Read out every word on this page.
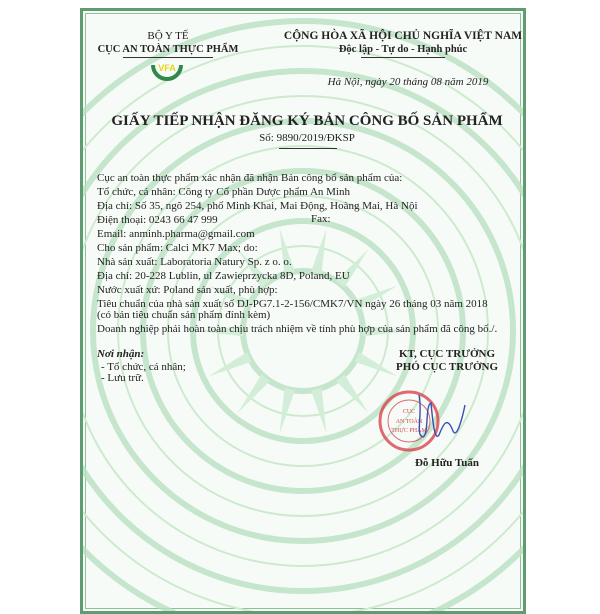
BỘ Y TẾ
CỤC AN TOÀN THỰC PHẨM
VFA
CỘNG HÒA XÃ HỘI CHỦ NGHĨA VIỆT NAM
Độc lập - Tự do - Hạnh phúc
Hà Nội, ngày 20 tháng 08 năm 2019
GIẤY TIẾP NHẬN ĐĂNG KÝ BẢN CÔNG BỐ SẢN PHẨM
Số: 9890/2019/ĐKSP
Cục an toàn thực phẩm xác nhận đã nhận Bản công bố sản phẩm của:
Tổ chức, cá nhân: Công ty Cổ phần Dược phẩm An Minh
Địa chỉ: Số 35, ngõ 254, phố Minh Khai, Mai Động, Hoàng Mai, Hà Nội
Điện thoại: 0243 66 47 999
Email: anminh.pharma@gmail.com
Cho sản phẩm: Calci MK7 Max; do:
Nhà sản xuất: Laboratoria Natury Sp. z o. o.
Địa chỉ: 20-228 Lublin, ul Zawieprzycka 8D, Poland, EU
Nước xuất xứ: Poland sản xuất, phù hợp:
Tiêu chuẩn của nhà sản xuất số DJ-PG7.1-2-156/CMK7/VN ngày 26 tháng 03 năm 2018
(có bản tiêu chuẩn sản phẩm đính kèm)
Doanh nghiệp phải hoàn toàn chịu trách nhiệm về tính phù hợp của sản phẩm đã công bố./.
Fax:
Nơi nhận:
- Tổ chức, cá nhân;
- Lưu trữ.
KT, CỤC TRƯỞNG
PHÓ CỤC TRƯỞNG
CỤC
AN TOÀN
THỰC PHẨM
Đỗ Hữu Tuấn
